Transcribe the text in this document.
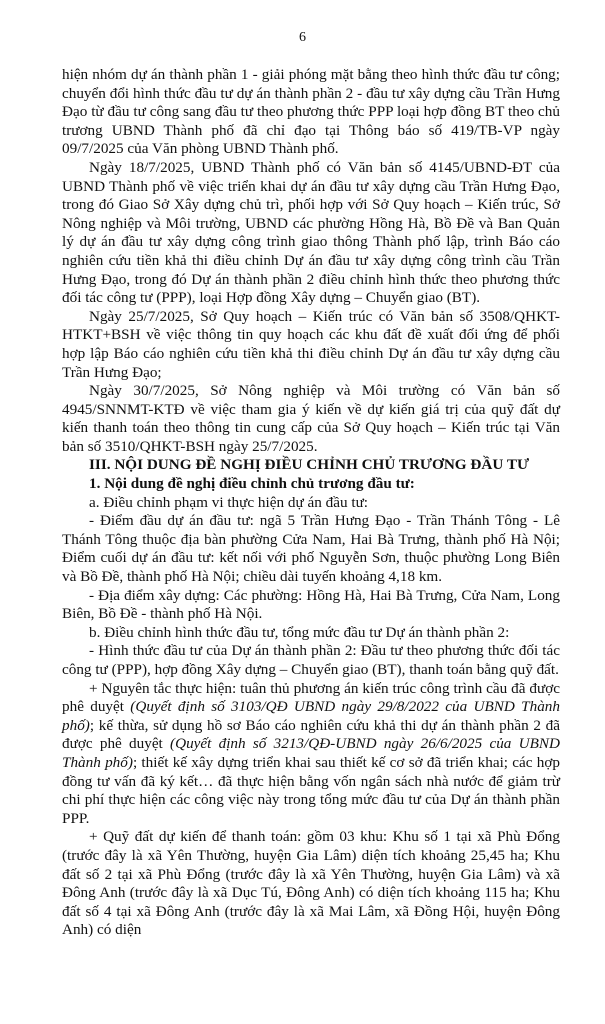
6

hiện nhóm dự án thành phần 1 - giải phóng mặt bằng theo hình thức đầu tư công; chuyển đổi hình thức đầu tư dự án thành phần 2 - đầu tư xây dựng cầu Trần Hưng Đạo từ đầu tư công sang đầu tư theo phương thức PPP loại hợp đồng BT theo chủ trương UBND Thành phố đã chỉ đạo tại Thông báo số 419/TB-VP ngày 09/7/2025 của Văn phòng UBND Thành phố.

Ngày 18/7/2025, UBND Thành phố có Văn bản số 4145/UBND-ĐT của UBND Thành phố về việc triển khai dự án đầu tư xây dựng cầu Trần Hưng Đạo, trong đó Giao Sở Xây dựng chủ trì, phối hợp với Sở Quy hoạch – Kiến trúc, Sở Nông nghiệp và Môi trường, UBND các phường Hồng Hà, Bồ Đề và Ban Quản lý dự án đầu tư xây dựng công trình giao thông Thành phố lập, trình Báo cáo nghiên cứu tiền khả thi điều chỉnh Dự án đầu tư xây dựng công trình cầu Trần Hưng Đạo, trong đó Dự án thành phần 2 điều chỉnh hình thức theo phương thức đối tác công tư (PPP), loại Hợp đồng Xây dựng – Chuyển giao (BT).

Ngày 25/7/2025, Sở Quy hoạch – Kiến trúc có Văn bản số 3508/QHKT-HTKT+BSH về việc thông tin quy hoạch các khu đất đề xuất đối ứng để phối hợp lập Báo cáo nghiên cứu tiền khả thi điều chỉnh Dự án đầu tư xây dựng cầu Trần Hưng Đạo;

Ngày 30/7/2025, Sở Nông nghiệp và Môi trường có Văn bản số 4945/SNNMT-KTĐ về việc tham gia ý kiến về dự kiến giá trị của quỹ đất dự kiến thanh toán theo thông tin cung cấp của Sở Quy hoạch – Kiến trúc tại Văn bản số 3510/QHKT-BSH ngày 25/7/2025.

III. NỘI DUNG ĐỀ NGHỊ ĐIỀU CHỈNH CHỦ TRƯƠNG ĐẦU TƯ

1. Nội dung đề nghị điều chỉnh chủ trương đầu tư:

a. Điều chỉnh phạm vi thực hiện dự án đầu tư:

- Điểm đầu dự án đầu tư: ngã 5 Trần Hưng Đạo - Trần Thánh Tông - Lê Thánh Tông thuộc địa bàn phường Cửa Nam, Hai Bà Trưng, thành phố Hà Nội; Điểm cuối dự án đầu tư: kết nối với phố Nguyễn Sơn, thuộc phường Long Biên và Bồ Đề, thành phố Hà Nội; chiều dài tuyến khoảng 4,18 km.

- Địa điểm xây dựng: Các phường: Hồng Hà, Hai Bà Trưng, Cửa Nam, Long Biên, Bồ Đề - thành phố Hà Nội.

b. Điều chỉnh hình thức đầu tư, tổng mức đầu tư Dự án thành phần 2:

- Hình thức đầu tư của Dự án thành phần 2: Đầu tư theo phương thức đối tác công tư (PPP), hợp đồng Xây dựng – Chuyển giao (BT), thanh toán bằng quỹ đất.

+ Nguyên tắc thực hiện: tuân thủ phương án kiến trúc công trình cầu đã được phê duyệt (Quyết định số 3103/QĐ UBND ngày 29/8/2022 của UBND Thành phố); kế thừa, sử dụng hồ sơ Báo cáo nghiên cứu khả thi dự án thành phần 2 đã được phê duyệt (Quyết định số 3213/QĐ-UBND ngày 26/6/2025 của UBND Thành phố); thiết kế xây dựng triển khai sau thiết kế cơ sở đã triển khai; các hợp đồng tư vấn đã ký kết… đã thực hiện bằng vốn ngân sách nhà nước để giảm trừ chi phí thực hiện các công việc này trong tổng mức đầu tư của Dự án thành phần PPP.

+ Quỹ đất dự kiến để thanh toán: gồm 03 khu: Khu số 1 tại xã Phù Đổng (trước đây là xã Yên Thường, huyện Gia Lâm) diện tích khoảng 25,45 ha; Khu đất số 2 tại xã Phù Đổng (trước đây là xã Yên Thường, huyện Gia Lâm) và xã Đông Anh (trước đây là xã Dục Tú, Đông Anh) có diện tích khoảng 115 ha; Khu đất số 4 tại xã Đông Anh (trước đây là xã Mai Lâm, xã Đồng Hội, huyện Đông Anh) có diện
